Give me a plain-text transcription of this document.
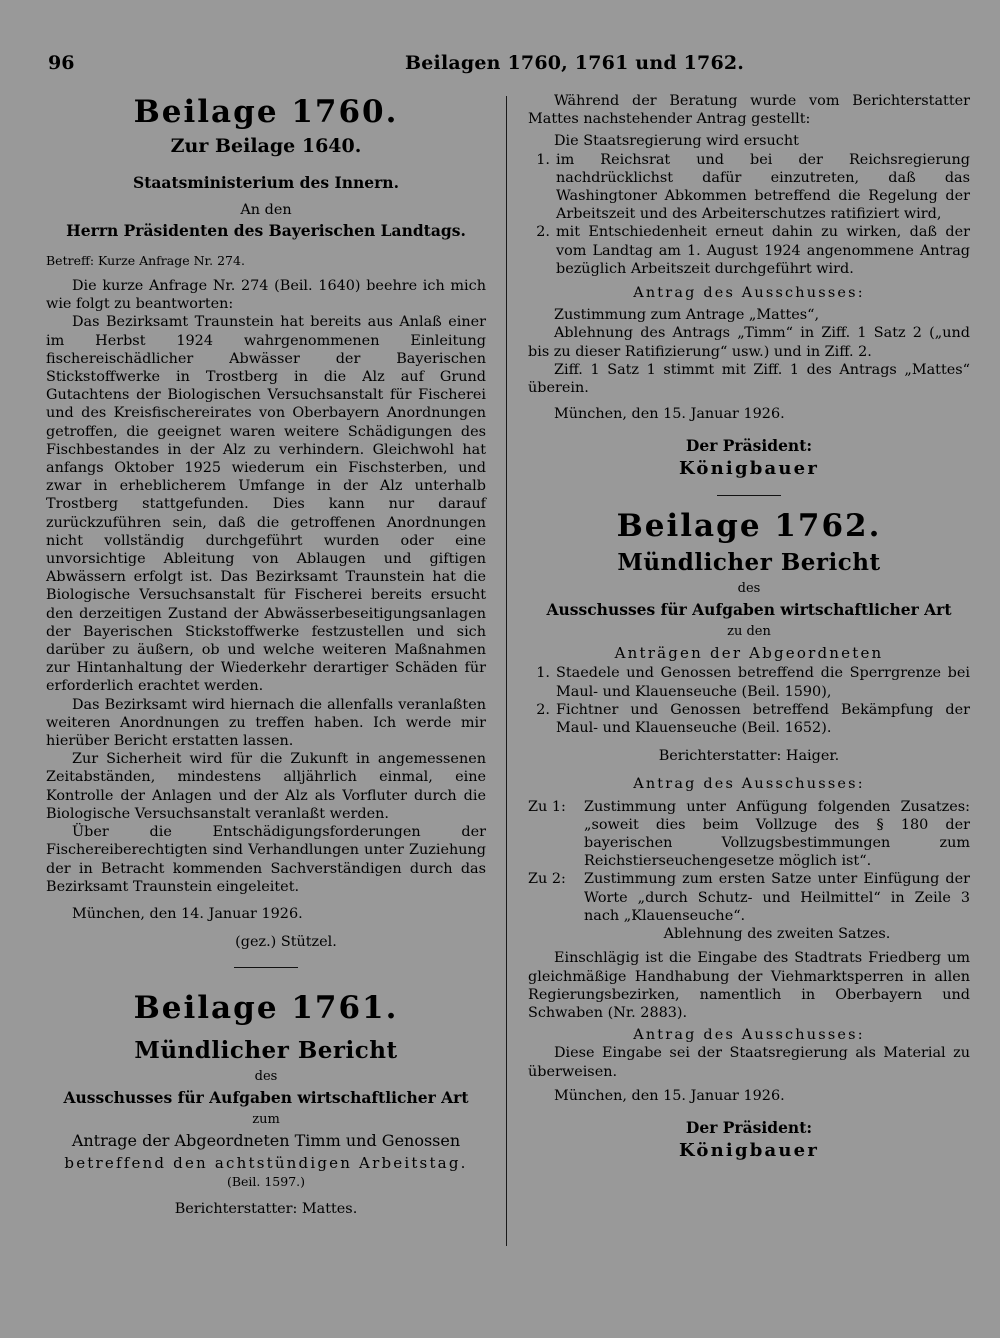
96	Beilagen 1760, 1761 und 1762.

Beilage 1760.

Zur Beilage 1640.

Staatsministerium des Innern.

An den

Herrn Präsidenten des Bayerischen Landtags.

Betreff: Kurze Anfrage Nr. 274.

Die kurze Anfrage Nr. 274 (Beil. 1640) beehre ich mich wie folgt zu beantworten:

Das Bezirksamt Traunstein hat bereits aus Anlaß einer im Herbst 1924 wahrgenommenen Einleitung fischereischädlicher Abwässer der Bayerischen Stickstoffwerke in Trostberg in die Alz auf Grund Gutachtens der Biologischen Versuchsanstalt für Fischerei und des Kreisfischereirates von Oberbayern Anordnungen getroffen, die geeignet waren weitere Schädigungen des Fischbestandes in der Alz zu verhindern. Gleichwohl hat anfangs Oktober 1925 wiederum ein Fischsterben, und zwar in erheblicherem Umfange in der Alz unterhalb Trostberg stattgefunden. Dies kann nur darauf zurückzuführen sein, daß die getroffenen Anordnungen nicht vollständig durchgeführt wurden oder eine unvorsichtige Ableitung von Ablaugen und giftigen Abwässern erfolgt ist. Das Bezirksamt Traunstein hat die Biologische Versuchsanstalt für Fischerei bereits ersucht den derzeitigen Zustand der Abwässerbeseitigungsanlagen der Bayerischen Stickstoffwerke festzustellen und sich darüber zu äußern, ob und welche weiteren Maßnahmen zur Hintanhaltung der Wiederkehr derartiger Schäden für erforderlich erachtet werden.

Das Bezirksamt wird hiernach die allenfalls veranlaßten weiteren Anordnungen zu treffen haben. Ich werde mir hierüber Bericht erstatten lassen.

Zur Sicherheit wird für die Zukunft in angemessenen Zeitabständen, mindestens alljährlich einmal, eine Kontrolle der Anlagen und der Alz als Vorfluter durch die Biologische Versuchsanstalt veranlaßt werden.

Über die Entschädigungsforderungen der Fischereiberechtigten sind Verhandlungen unter Zuziehung der in Betracht kommenden Sachverständigen durch das Bezirksamt Traunstein eingeleitet.

München, den 14. Januar 1926.

(gez.) Stützel.

Beilage 1761.

Mündlicher Bericht

des

Ausschusses für Aufgaben wirtschaftlicher Art

zum

Antrage der Abgeordneten Timm und Genossen

betreffend den achtstündigen Arbeitstag.

(Beil. 1597.)

Berichterstatter: Mattes.

Während der Beratung wurde vom Berichterstatter Mattes nachstehender Antrag gestellt:

Die Staatsregierung wird ersucht

1. im Reichsrat und bei der Reichsregierung nachdrücklichst dafür einzutreten, daß das Washingtoner Abkommen betreffend die Regelung der Arbeitszeit und des Arbeiterschutzes ratifiziert wird,
2. mit Entschiedenheit erneut dahin zu wirken, daß der vom Landtag am 1. August 1924 angenommene Antrag bezüglich Arbeitszeit durchgeführt wird.

Antrag des Ausschusses:

Zustimmung zum Antrage „Mattes“,

Ablehnung des Antrags „Timm“ in Ziff. 1 Satz 2 („und bis zu dieser Ratifizierung“ usw.) und in Ziff. 2.

Ziff. 1 Satz 1 stimmt mit Ziff. 1 des Antrags „Mattes“ überein.

München, den 15. Januar 1926.

Der Präsident:

Königbauer

Beilage 1762.

Mündlicher Bericht

des

Ausschusses für Aufgaben wirtschaftlicher Art

zu den

Anträgen der Abgeordneten

1. Staedele und Genossen betreffend die Sperrgrenze bei Maul- und Klauenseuche (Beil. 1590),
2. Fichtner und Genossen betreffend Bekämpfung der Maul- und Klauenseuche (Beil. 1652).

Berichterstatter: Haiger.

Antrag des Ausschusses:

Zu 1:	Zustimmung unter Anfügung folgenden Zusatzes: „soweit dies beim Vollzuge des § 180 der bayerischen Vollzugsbestimmungen zum Reichstierseuchengesetze möglich ist“.
Zu 2:	Zustimmung zum ersten Satze unter Einfügung der Worte „durch Schutz- und Heilmittel“ in Zeile 3 nach „Klauenseuche“.

Ablehnung des zweiten Satzes.

Einschlägig ist die Eingabe des Stadtrats Friedberg um gleichmäßige Handhabung der Viehmarktsperren in allen Regierungsbezirken, namentlich in Oberbayern und Schwaben (Nr. 2883).

Antrag des Ausschusses:

Diese Eingabe sei der Staatsregierung als Material zu überweisen.

München, den 15. Januar 1926.

Der Präsident:

Königbauer
